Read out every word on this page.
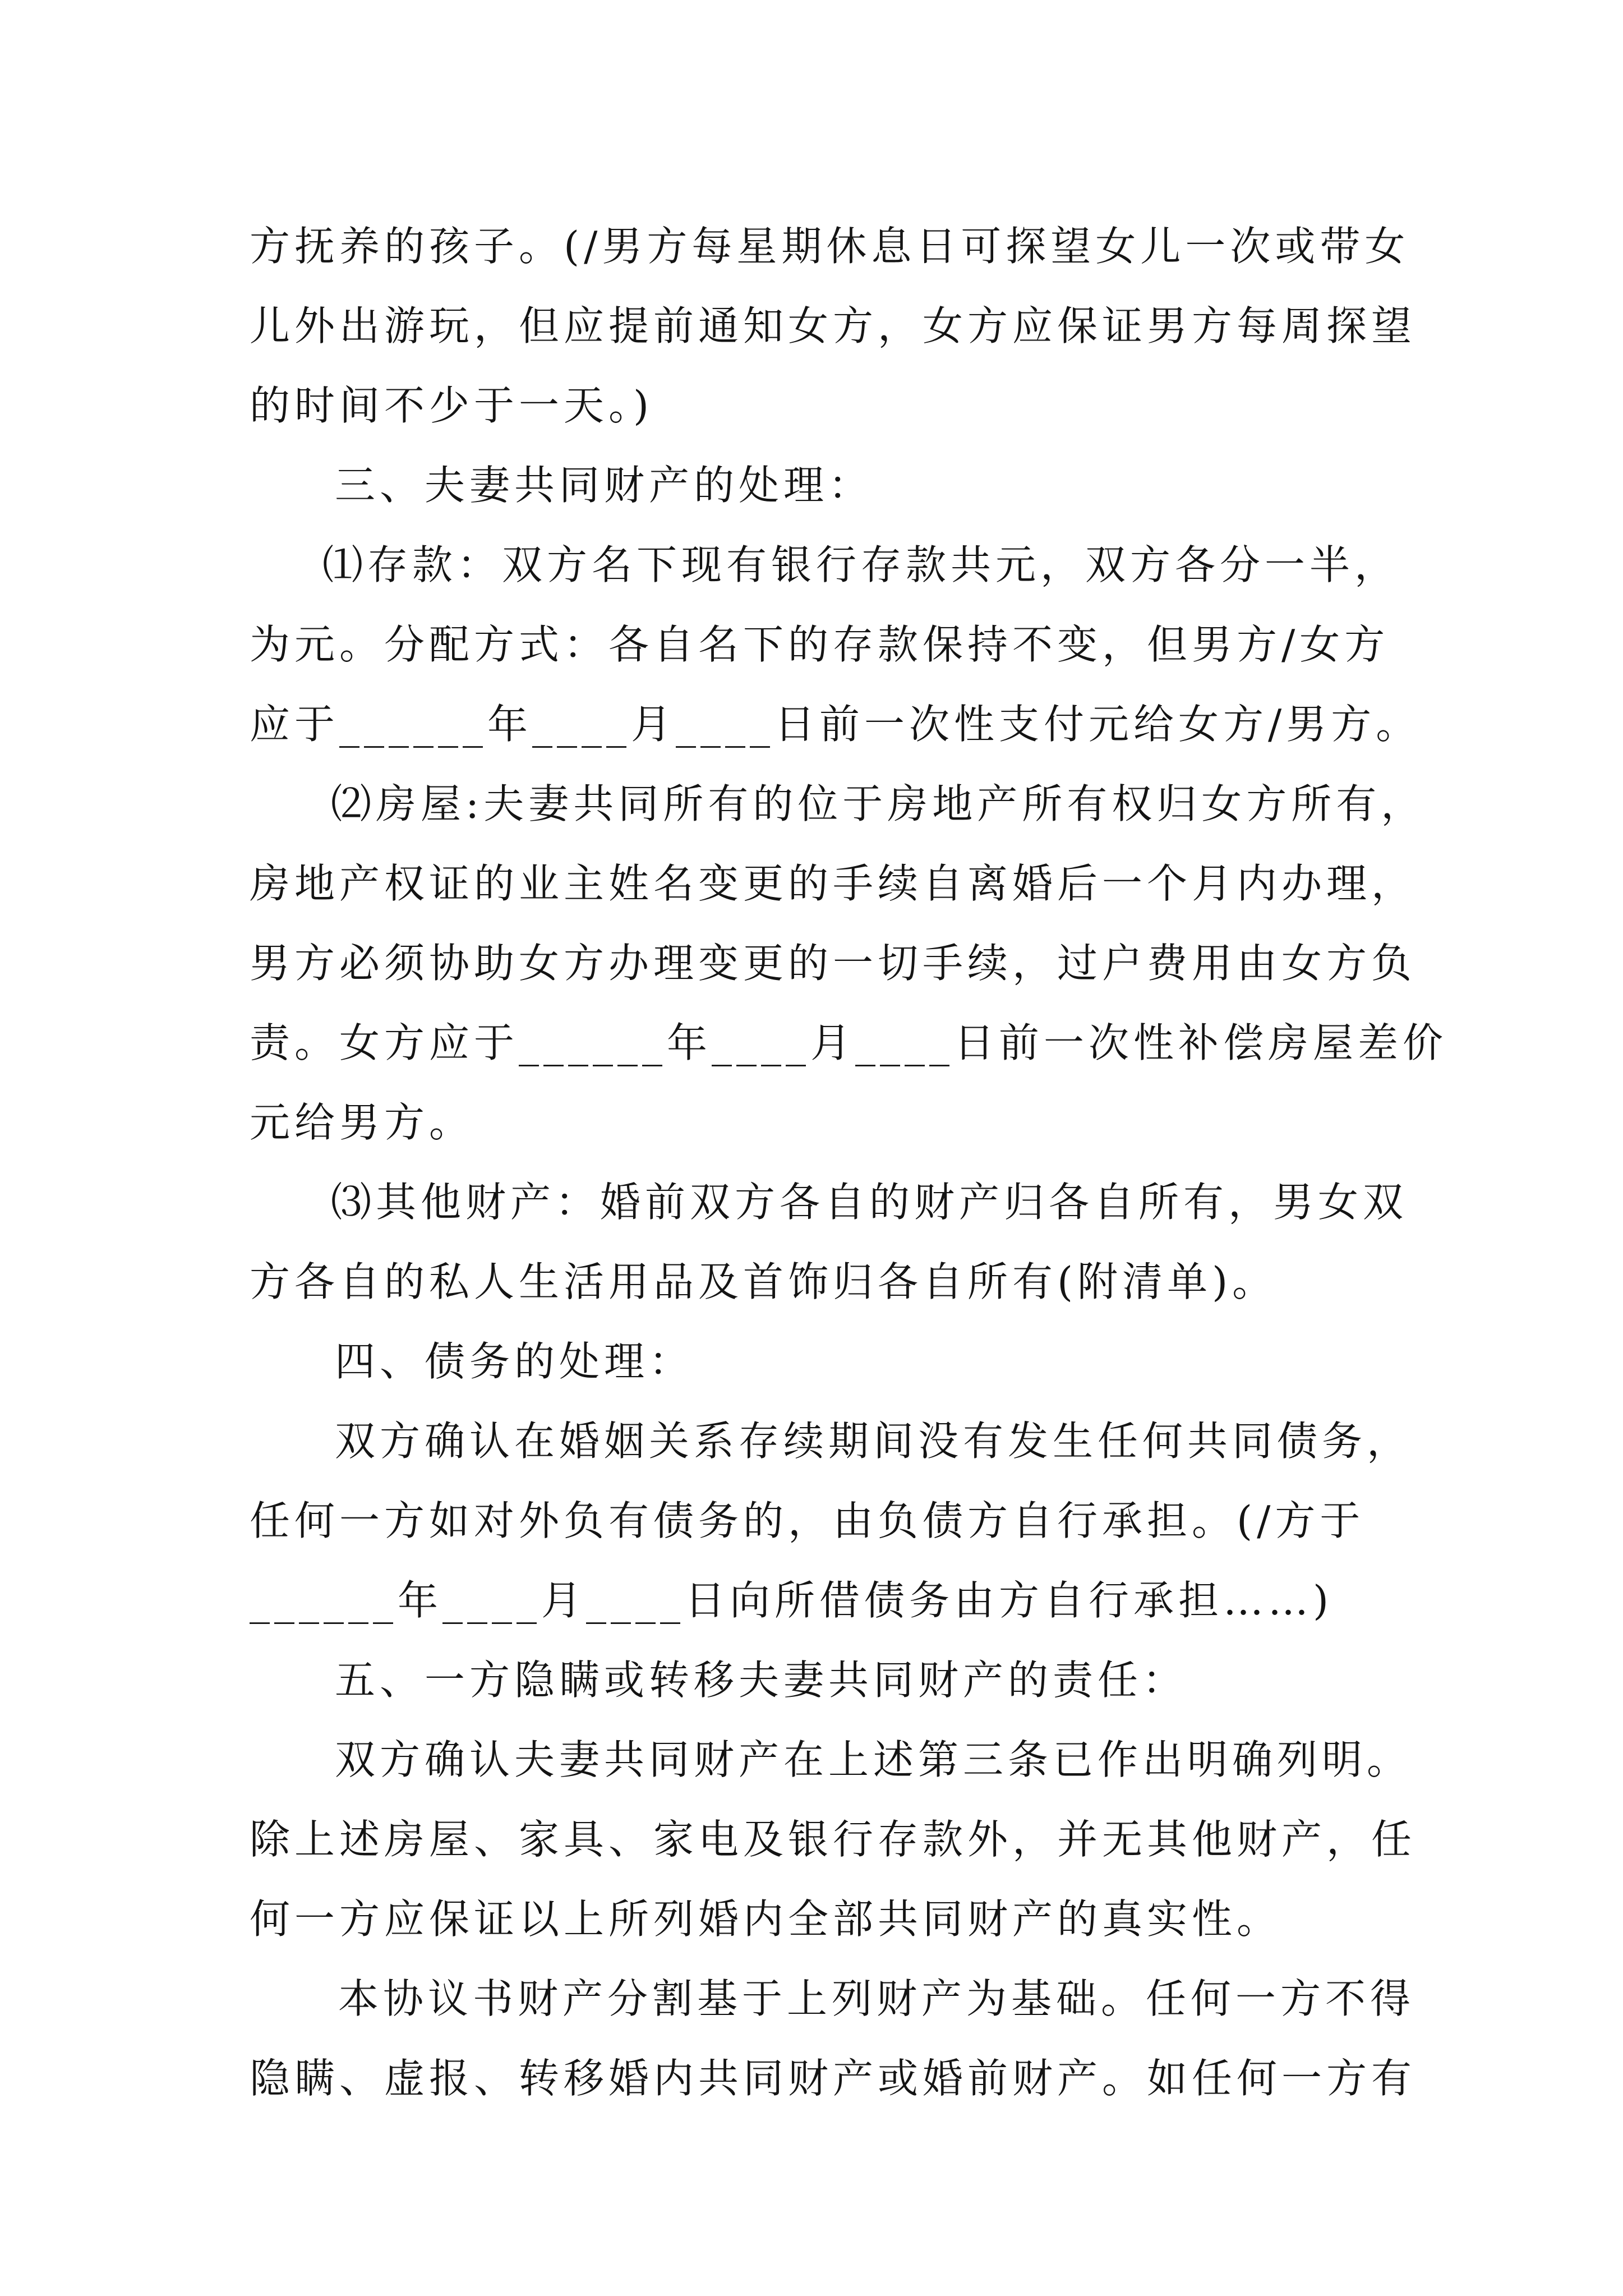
方抚养的孩子。(/男方每星期休息日可探望女儿一次或带女
儿外出游玩，但应提前通知女方，女方应保证男方每周探望
的时间不少于一天。)
三、夫妻共同财产的处理：
⑴存款：双方名下现有银行存款共元，双方各分一半，
为元。分配方式：各自名下的存款保持不变，但男方/女方
应于______年____月____日前一次性支付元给女方/男方。
⑵房屋:夫妻共同所有的位于房地产所有权归女方所有，
房地产权证的业主姓名变更的手续自离婚后一个月内办理，
男方必须协助女方办理变更的一切手续，过户费用由女方负
责。女方应于______年____月____日前一次性补偿房屋差价
元给男方。
⑶其他财产：婚前双方各自的财产归各自所有，男女双
方各自的私人生活用品及首饰归各自所有(附清单)。
四、债务的处理：
双方确认在婚姻关系存续期间没有发生任何共同债务，
任何一方如对外负有债务的，由负债方自行承担。(/方于
______年____月____日向所借债务由方自行承担……)
五、一方隐瞒或转移夫妻共同财产的责任：
双方确认夫妻共同财产在上述第三条已作出明确列明。
除上述房屋、家具、家电及银行存款外，并无其他财产，任
何一方应保证以上所列婚内全部共同财产的真实性。
本协议书财产分割基于上列财产为基础。任何一方不得
隐瞒、虚报、转移婚内共同财产或婚前财产。如任何一方有
